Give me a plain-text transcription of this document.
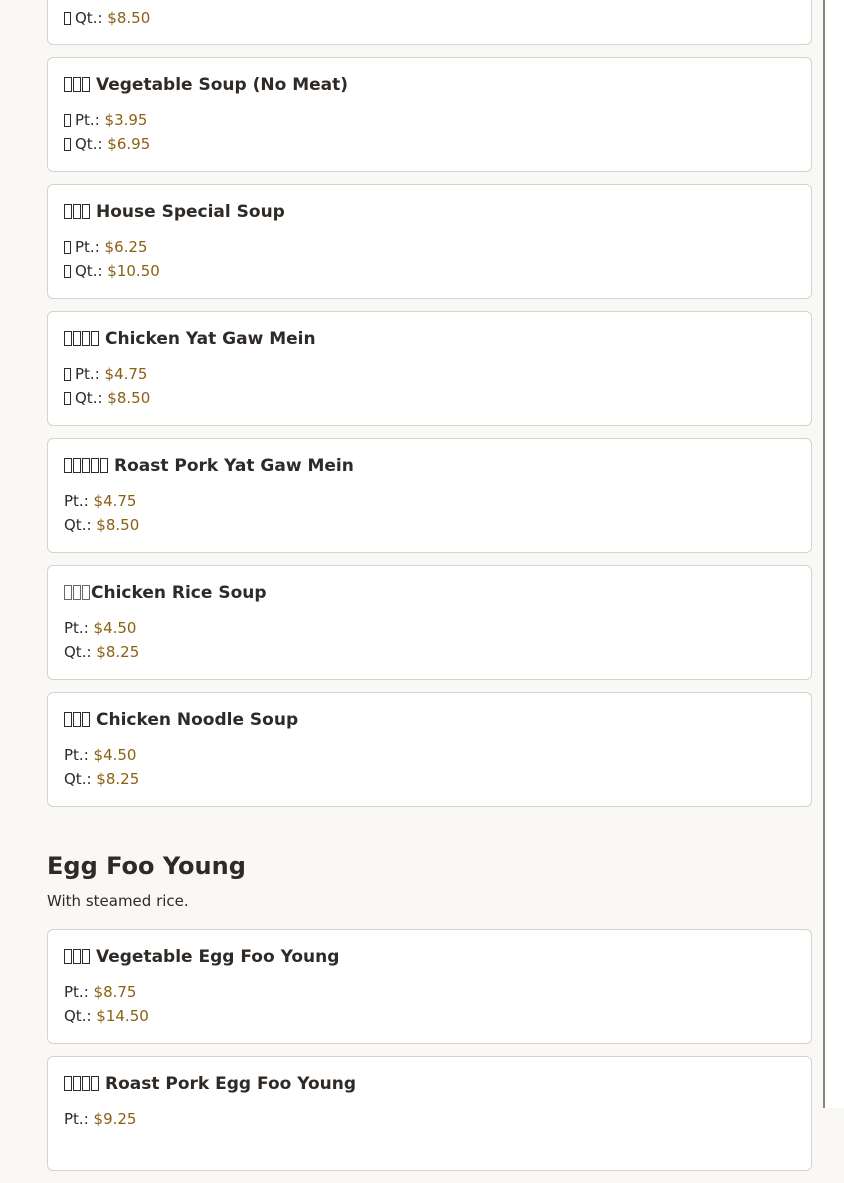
Qt.: $8.50
Vegetable Soup (No Meat)
Pt.: $3.95
Qt.: $6.95
House Special Soup
Pt.: $6.25
Qt.: $10.50
Chicken Yat Gaw Mein
Pt.: $4.75
Qt.: $8.50
Roast Pork Yat Gaw Mein
Pt.: $4.75
Qt.: $8.50
Chicken Rice Soup
Pt.: $4.50
Qt.: $8.25
Chicken Noodle Soup
Pt.: $4.50
Qt.: $8.25
Egg Foo Young

With steamed rice.

Vegetable Egg Foo Young
Pt.: $8.75
Qt.: $14.50
Roast Pork Egg Foo Young
Pt.: $9.25
